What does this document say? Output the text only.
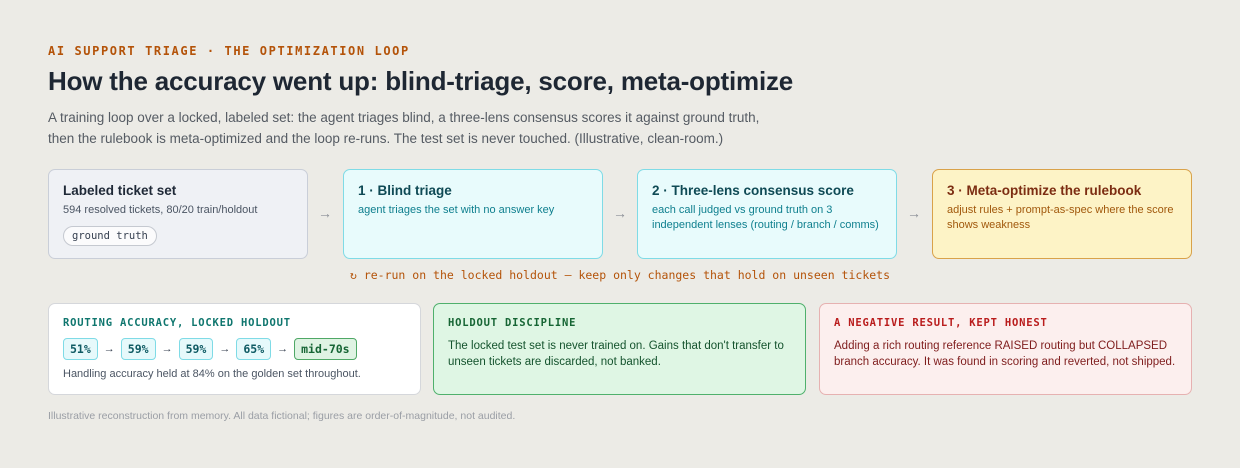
AI SUPPORT TRIAGE · THE OPTIMIZATION LOOP
How the accuracy went up: blind-triage, score, meta-optimize
A training loop over a locked, labeled set: the agent triages blind, a three-lens consensus scores it against ground truth, then the rulebook is meta-optimized and the loop re-runs. The test set is never touched. (Illustrative, clean-room.)
Labeled ticket set
594 resolved tickets, 80/20 train/holdout
ground truth
→
1 · Blind triage
agent triages the set with no answer key	→
2 · Three-lens consensus score
each call judged vs ground truth on 3 independent lenses (routing / branch / comms)
→
3 · Meta-optimize the rulebook
adjust rules + prompt-as-spec where the score shows weakness
↻ re-run on the locked holdout — keep only changes that hold on unseen tickets
ROUTING ACCURACY, LOCKED HOLDOUT
51%	→	59%	→	59%	→	65%	→	mid-70s
Handling accuracy held at 84% on the golden set throughout.
HOLDOUT DISCIPLINE
The locked test set is never trained on. Gains that don't transfer to unseen tickets are discarded, not banked.
A NEGATIVE RESULT, KEPT HONEST
Adding a rich routing reference RAISED routing but COLLAPSED branch accuracy. It was found in scoring and reverted, not shipped.
Illustrative reconstruction from memory. All data fictional; figures are order-of-magnitude, not audited.
